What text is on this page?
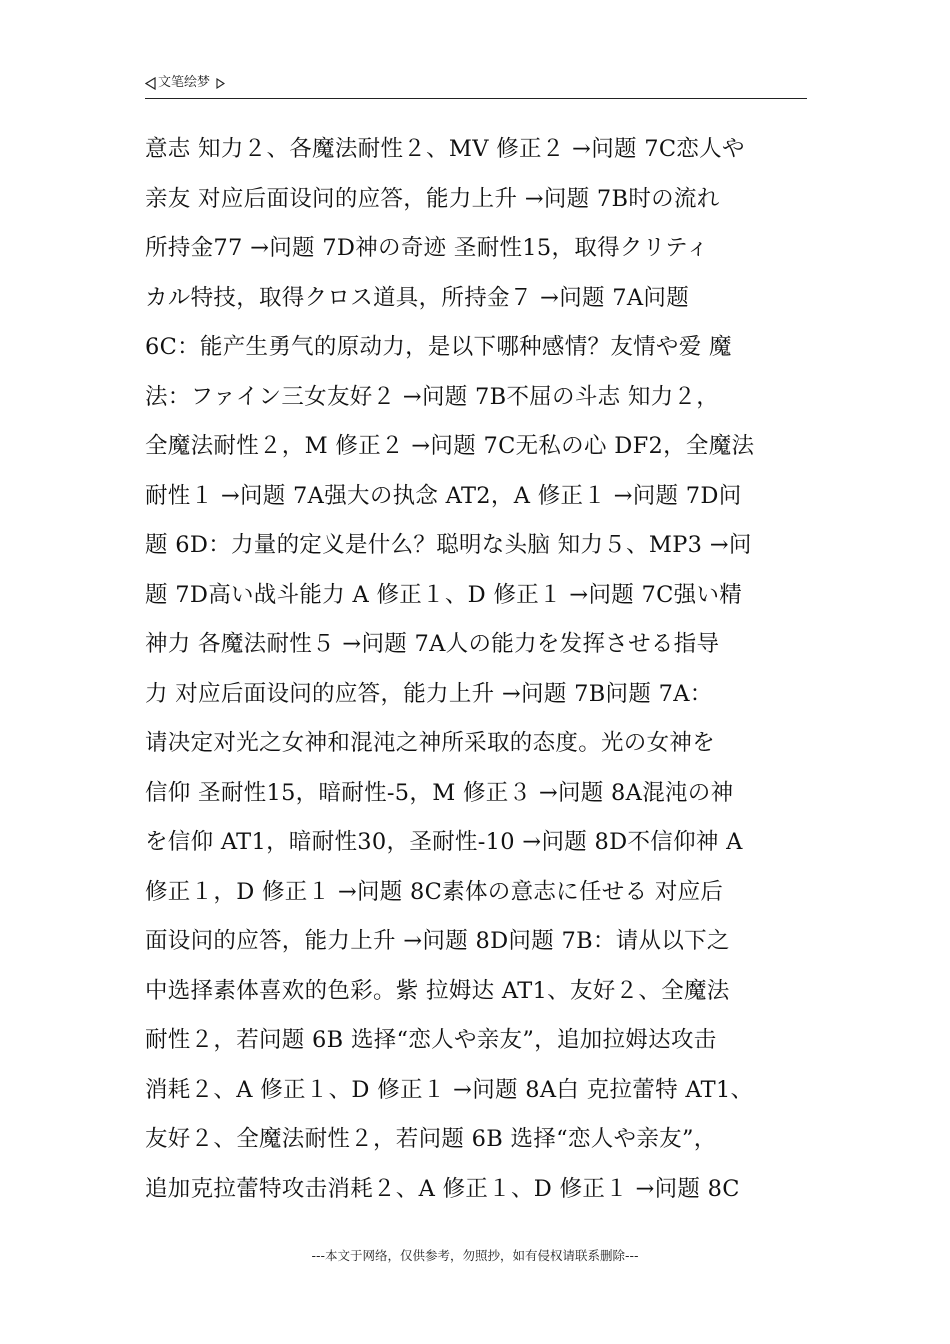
文笔绘梦
意志 知力２、各魔法耐性２、MV 修正２ →问题 7C恋人や
亲友 对应后面设问的应答，能力上升 →问题 7B时の流れ
所持金77 →问题 7D神の奇迹 圣耐性15，取得クリティ
カル特技，取得クロス道具，所持金７ →问题 7A问题
6C：能产生勇气的原动力，是以下哪种感情？友情や爱 魔
法：ファイン三女友好２ →问题 7B不屈の斗志 知力２，
全魔法耐性２，M 修正２ →问题 7C无私の心 DF2，全魔法
耐性１ →问题 7A强大の执念 AT2，A 修正１ →问题 7D问
题 6D：力量的定义是什么？聪明な头脑 知力５、MP3 →问
题 7D高い战斗能力 A 修正１、D 修正１ →问题 7C强い精
神力 各魔法耐性５ →问题 7A人の能力を发挥させる指导
力 对应后面设问的应答，能力上升 →问题 7B问题 7A：
请决定对光之女神和混沌之神所采取的态度。光の女神を
信仰 圣耐性15，暗耐性-5，M 修正３ →问题 8A混沌の神
を信仰 AT1，暗耐性30，圣耐性-10 →问题 8D不信仰神 A
修正１，D 修正１ →问题 8C素体の意志に任せる 对应后
面设问的应答，能力上升 →问题 8D问题 7B：请从以下之
中选择素体喜欢的色彩。紫 拉姆达 AT1、友好２、全魔法
耐性２，若问题 6B 选择“恋人や亲友”，追加拉姆达攻击
消耗２、A 修正１、D 修正１ →问题 8A白 克拉蕾特 AT1、
友好２、全魔法耐性２，若问题 6B 选择“恋人や亲友”，
追加克拉蕾特攻击消耗２、A 修正１、D 修正１ →问题 8C
---本文于网络，仅供参考，勿照抄，如有侵权请联系删除---
